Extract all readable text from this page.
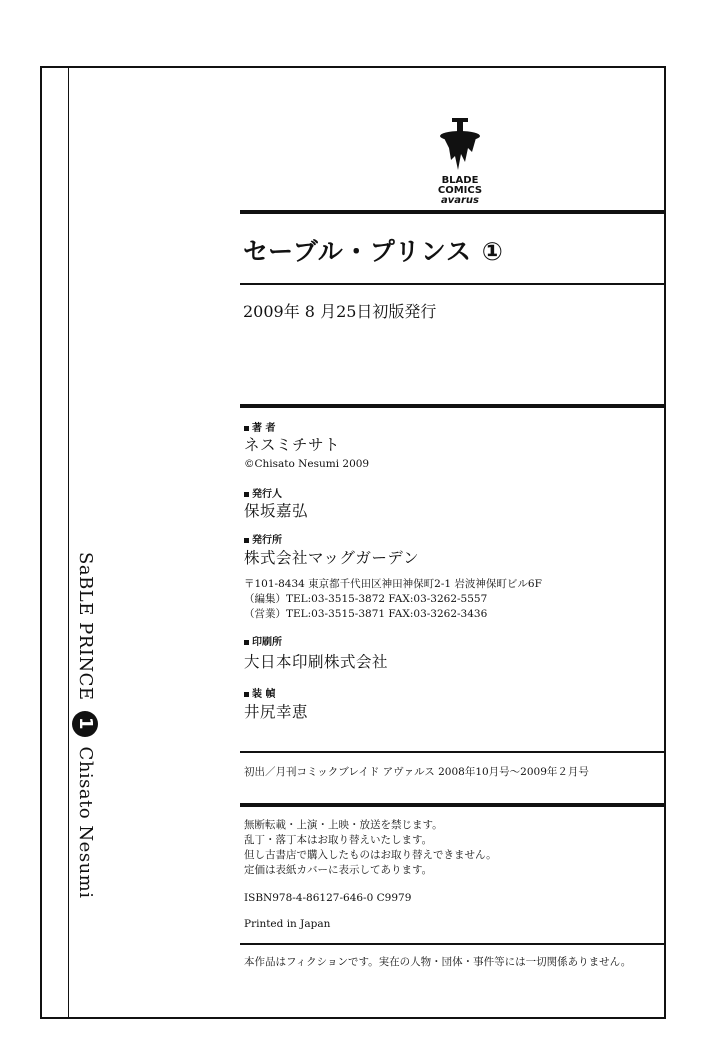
SaBLE PRINCE1Chisato Nesumi
BLADE
COMICS
avarus
セーブル・プリンス ①
2009年 8 月25日初版発行
著 者
ネスミチサト
©Chisato Nesumi 2009
発行人
保坂嘉弘
発行所
株式会社マッグガーデン
〒101-8434 東京都千代田区神田神保町2-1 岩波神保町ビル6F
（編集）TEL:03-3515-3872 FAX:03-3262-5557
（営業）TEL:03-3515-3871 FAX:03-3262-3436
印刷所
大日本印刷株式会社
装 幀
井尻幸恵
初出／月刊コミックブレイド アヴァルス 2008年10月号～2009年２月号
無断転載・上演・上映・放送を禁じます。
乱丁・落丁本はお取り替えいたします。
但し古書店で購入したものはお取り替えできません。
定価は表紙カバーに表示してあります。
ISBN978-4-86127-646-0 C9979
Printed in Japan
本作品はフィクションです。実在の人物・団体・事件等には一切関係ありません。
